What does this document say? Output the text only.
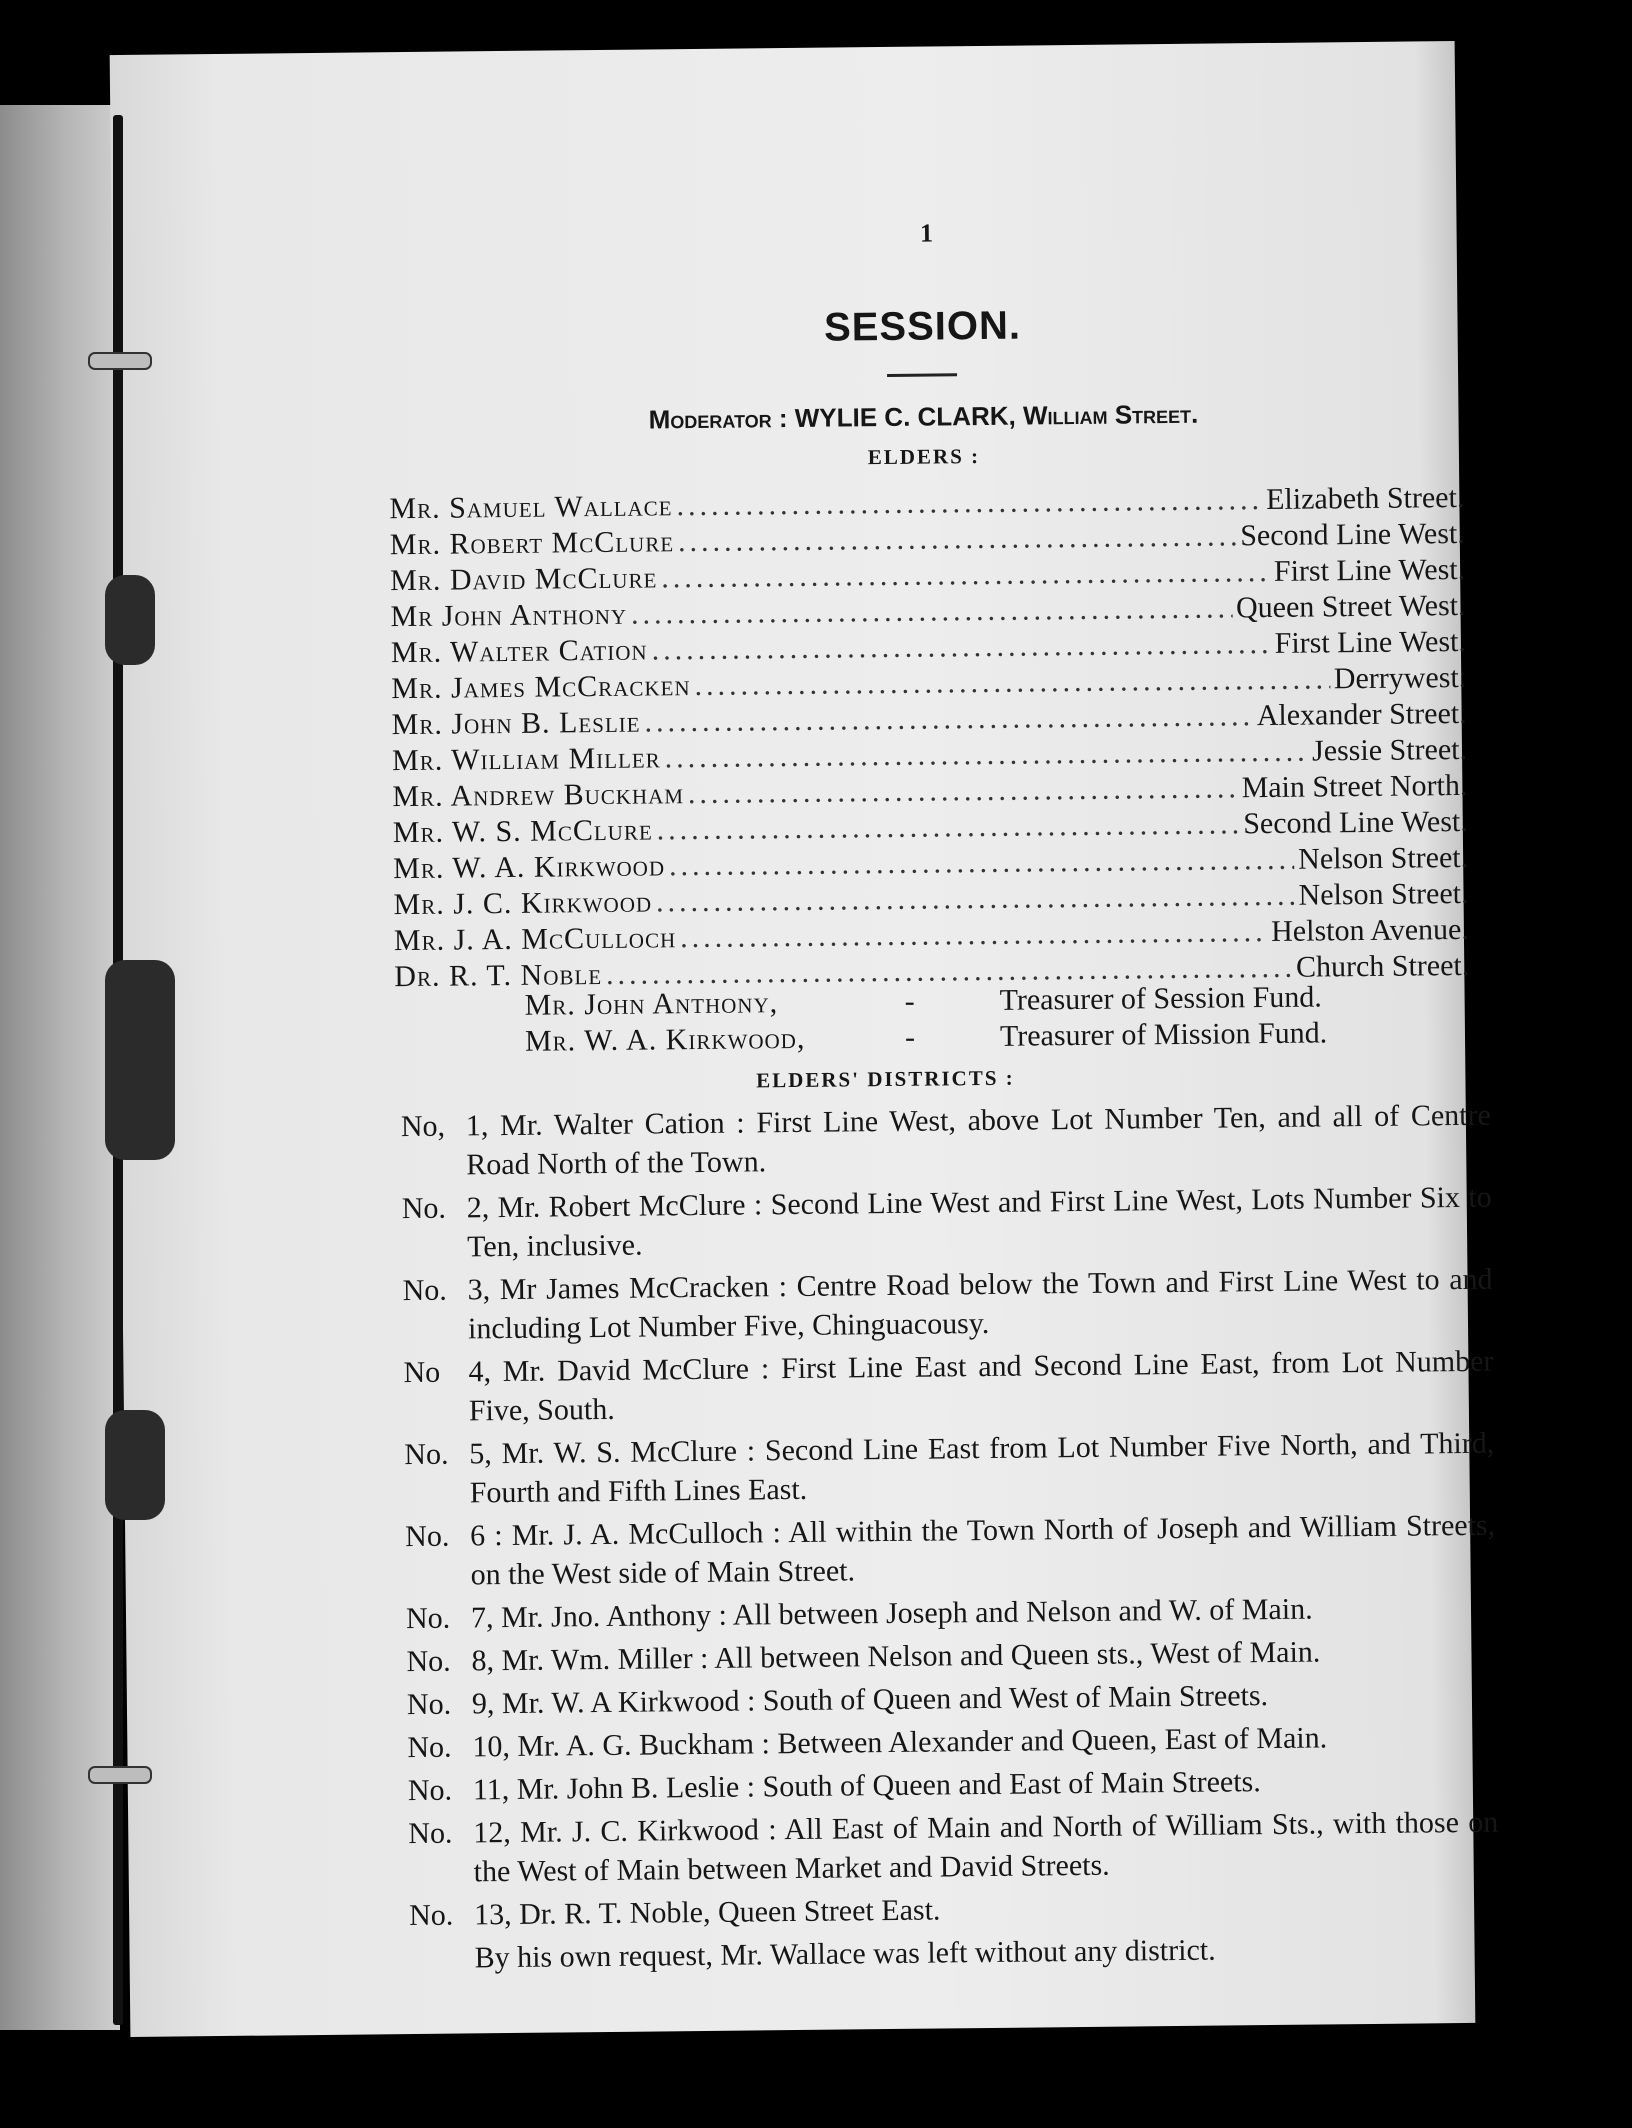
1
SESSION.
Moderator : WYLIE C. CLARK, William Street.
ELDERS :
Mr. Samuel Wallace .....	Elizabeth Street.
Mr. Robert McClure .....	Second Line West.
Mr. David McClure .....	First Line West.
Mr John Anthony .....	Queen Street West.
Mr. Walter Cation .....	First Line West.
Mr. James McCracken .....	Derrywest.
Mr. John B. Leslie .....	Alexander Street.
Mr. William Miller .....	Jessie Street.
Mr. Andrew Buckham .....	Main Street North.
Mr. W. S. McClure .....	Second Line West.
Mr. W. A. Kirkwood .....	Nelson Street.
Mr. J. C. Kirkwood .....	Nelson Street.
Mr. J. A. McCulloch .....	Helston Avenue.
Dr. R. T. Noble .....	Church Street.
Mr. John Anthony,	-	Treasurer of Session Fund.
Mr. W. A. Kirkwood,	-	Treasurer of Mission Fund.
ELDERS' DISTRICTS :
No, 1, Mr. Walter Cation : First Line West, above Lot Number Ten, and all of Centre Road North of the Town.
No. 2, Mr. Robert McClure : Second Line West and First Line West, Lots Number Six to Ten, inclusive.
No. 3, Mr James McCracken : Centre Road below the Town and First Line West to and including Lot Number Five, Chinguacousy.
No 4, Mr. David McClure : First Line East and Second Line East, from Lot Number Five, South.
No. 5, Mr. W. S. McClure : Second Line East from Lot Number Five North, and Third, Fourth and Fifth Lines East.
No. 6 : Mr. J. A. McCulloch : All within the Town North of Joseph and William Streets, on the West side of Main Street.
No. 7, Mr. Jno. Anthony : All between Joseph and Nelson and W. of Main.
No. 8, Mr. Wm. Miller : All between Nelson and Queen sts., West of Main.
No. 9, Mr. W. A Kirkwood : South of Queen and West of Main Streets.
No. 10, Mr. A. G. Buckham : Between Alexander and Queen, East of Main.
No. 11, Mr. John B. Leslie : South of Queen and East of Main Streets.
No. 12, Mr. J. C. Kirkwood : All East of Main and North of William Sts., with those on the West of Main between Market and David Streets.
No. 13, Dr. R. T. Noble, Queen Street East.
By his own request, Mr. Wallace was left without any district.
